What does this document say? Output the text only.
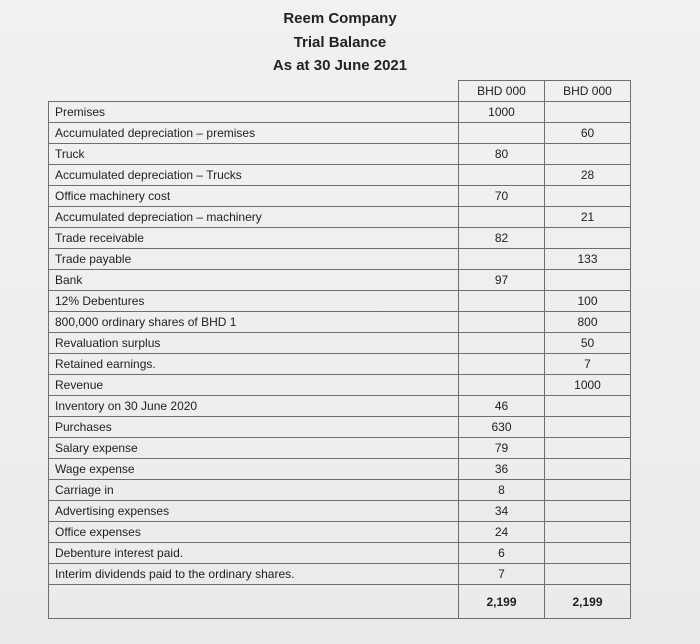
Reem Company
Trial Balance
As at 30 June 2021
	BHD 000	BHD 000
Premises	1000	
Accumulated depreciation – premises		60
Truck	80	
Accumulated depreciation – Trucks		28
Office machinery cost	70	
Accumulated depreciation – machinery		21
Trade receivable	82	
Trade payable		133
Bank	97	
12% Debentures		100
800,000 ordinary shares of BHD 1		800
Revaluation surplus		50
Retained earnings.		7
Revenue		1000
Inventory on 30 June 2020	46	
Purchases	630	
Salary expense	79	
Wage expense	36	
Carriage in	8	
Advertising expenses	34	
Office expenses	24	
Debenture interest paid.	6	
Interim dividends paid to the ordinary shares.	7	
	2,199	2,199
